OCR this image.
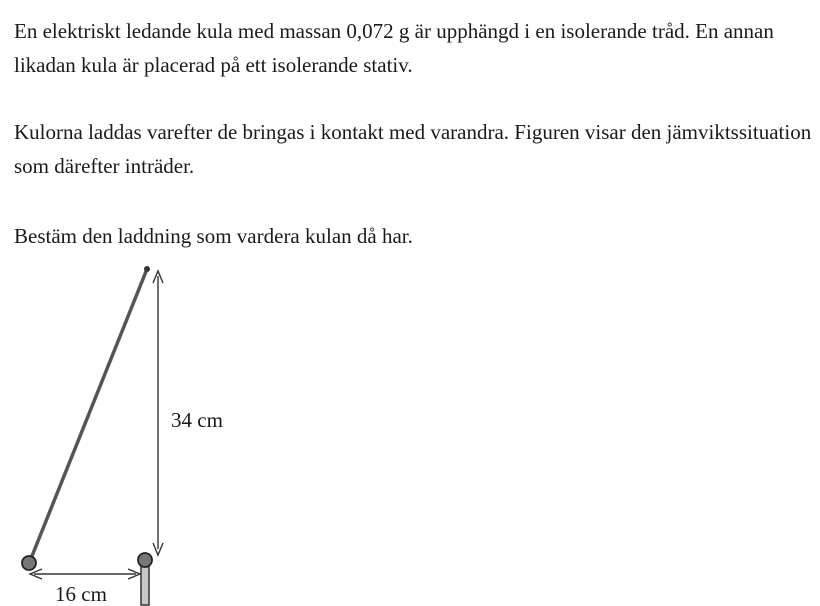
En elektriskt ledande kula med massan 0,072 g är upphängd i en isolerande tråd. En annan likadan kula är placerad på ett isolerande stativ.

Kulorna laddas varefter de bringas i kontakt med varandra. Figuren visar den jämviktssituation som därefter inträder.

Bestäm den laddning som vardera kulan då har.

34 cm
16 cm
